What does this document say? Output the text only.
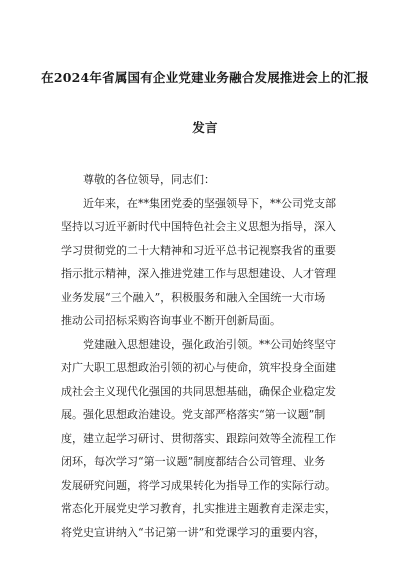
在2024年省属国有企业党建业务融合发展推进会上的汇报
发言
尊敬的各位领导，同志们：
近年来，在**集团党委的坚强领导下，**公司党支部
坚持以习近平新时代中国特色社会主义思想为指导，深入
学习贯彻党的二十大精神和习近平总书记视察我省的重要
指示批示精神，深入推进党建工作与思想建设、人才管理
业务发展“三个融入”，积极服务和融入全国统一大市场
推动公司招标采购咨询事业不断开创新局面。
党建融入思想建设，强化政治引领。**公司始终坚守
对广大职工思想政治引领的初心与使命，筑牢投身全面建
成社会主义现代化强国的共同思想基础，确保企业稳定发
展。强化思想政治建设。党支部严格落实“第一议题”制
度，建立起学习研讨、贯彻落实、跟踪问效等全流程工作
闭环，每次学习“第一议题”制度都结合公司管理、业务
发展研究问题，将学习成果转化为指导工作的实际行动。
常态化开展党史学习教育，扎实推进主题教育走深走实，
将党史宣讲纳入“书记第一讲”和党课学习的重要内容，
